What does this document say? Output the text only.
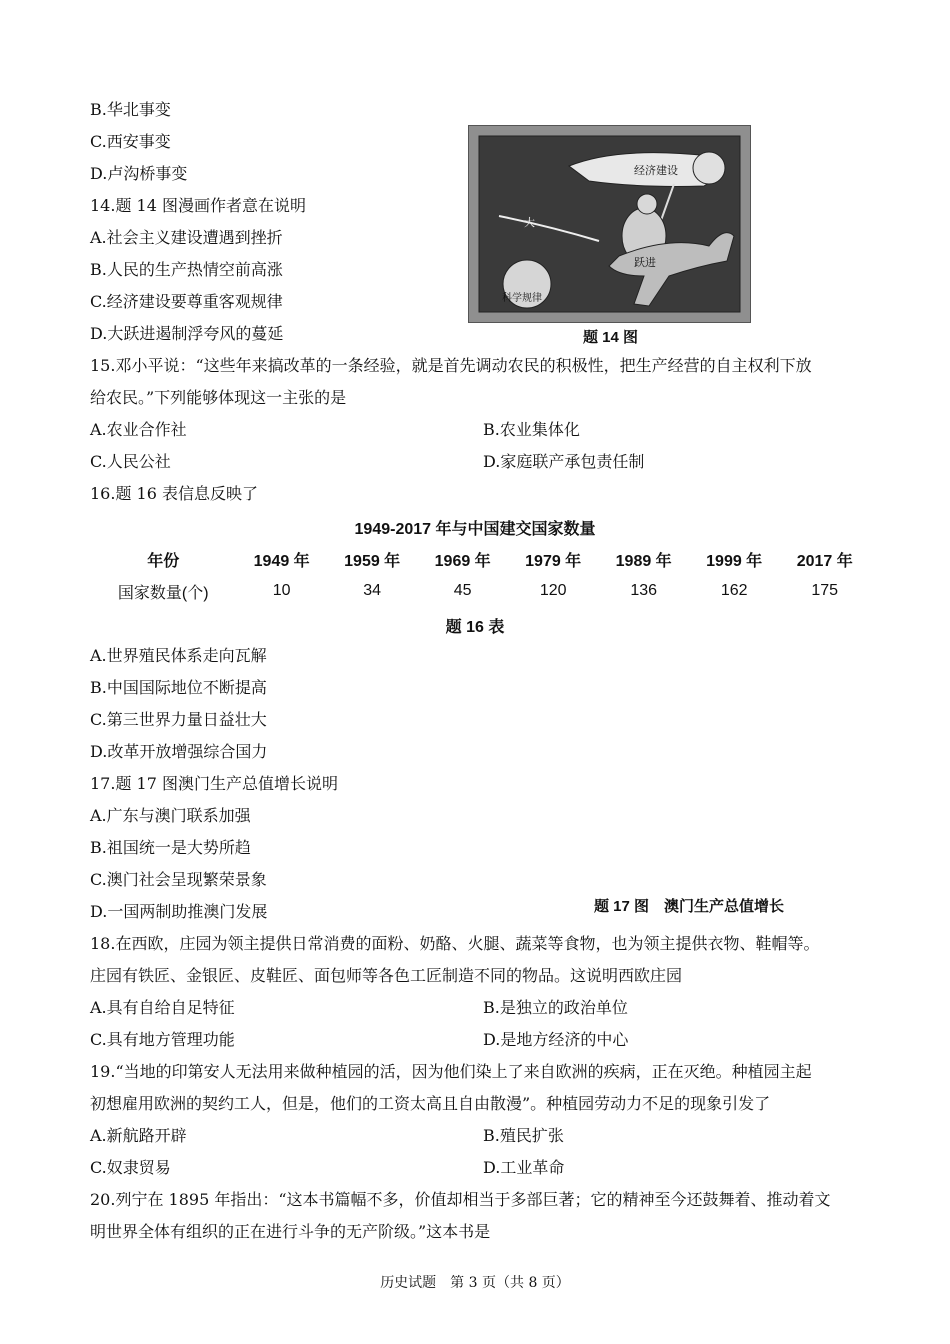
B.华北事变
C.西安事变
D.卢沟桥事变
14.题 14 图漫画作者意在说明
A.社会主义建设遭遇到挫折
B.人民的生产热情空前高涨
C.经济建设要尊重客观规律
D.大跃进遏制浮夸风的蔓延
经济建设
跃进
大
科学规律
题 14 图
15.邓小平说：“这些年来搞改革的一条经验，就是首先调动农民的积极性，把生产经营的自主权利下放
给农民。”下列能够体现这一主张的是
A.农业合作社	B.农业集体化
C.人民公社	D.家庭联产承包责任制
16.题 16 表信息反映了
1949-2017 年与中国建交国家数量
年份	1949 年	1959 年	1969 年	1979 年	1989 年	1999 年	2017 年
国家数量(个)	10	34	45	120	136	162	175
题 16 表
A.世界殖民体系走向瓦解
B.中国国际地位不断提高
C.第三世界力量日益壮大
D.改革开放增强综合国力
17.题 17 图澳门生产总值增长说明
A.广东与澳门联系加强
B.祖国统一是大势所趋
C.澳门社会呈现繁荣景象
D.一国两制助推澳门发展	题 17 图　澳门生产总值增长
18.在西欧，庄园为领主提供日常消费的面粉、奶酪、火腿、蔬菜等食物，也为领主提供衣物、鞋帽等。
庄园有铁匠、金银匠、皮鞋匠、面包师等各色工匠制造不同的物品。这说明西欧庄园
A.具有自给自足特征	B.是独立的政治单位
C.具有地方管理功能	D.是地方经济的中心
19.“当地的印第安人无法用来做种植园的活，因为他们染上了来自欧洲的疾病，正在灭绝。种植园主起
初想雇用欧洲的契约工人，但是，他们的工资太高且自由散漫”。种植园劳动力不足的现象引发了
A.新航路开辟	B.殖民扩张
C.奴隶贸易	D.工业革命
20.列宁在 1895 年指出：“这本书篇幅不多，价值却相当于多部巨著；它的精神至今还鼓舞着、推动着文
明世界全体有组织的正在进行斗争的无产阶级。”这本书是
历史试题　第 3 页（共 8 页）
